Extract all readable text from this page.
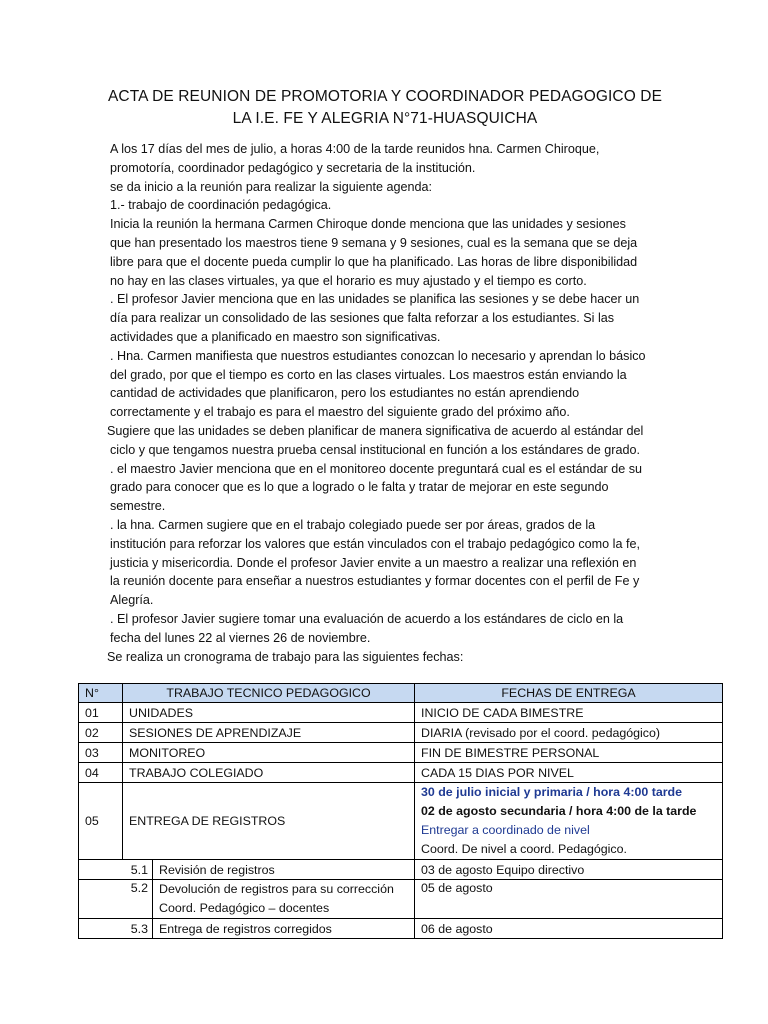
ACTA DE REUNION DE PROMOTORIA Y COORDINADOR PEDAGOGICO DE
LA I.E. FE Y ALEGRIA N°71-HUASQUICHA

A los 17 días del mes de julio, a horas 4:00 de la tarde reunidos hna. Carmen Chiroque,

promotoría, coordinador pedagógico y secretaria de la institución.

se da inicio a la reunión para realizar la siguiente agenda:

1.- trabajo de coordinación pedagógica.

Inicia la reunión la hermana Carmen Chiroque donde menciona que las unidades y sesiones

que han presentado los maestros tiene 9 semana y 9 sesiones, cual es la semana que se deja

libre para que el docente pueda cumplir lo que ha planificado. Las horas de libre disponibilidad

no hay en las clases virtuales, ya que el horario es muy ajustado y el tiempo es corto.

. El profesor Javier menciona que en las unidades se planifica las sesiones y se debe hacer un

día para realizar un consolidado de las sesiones que falta reforzar a los estudiantes. Si las

actividades que a planificado en maestro son significativas.

. Hna. Carmen manifiesta que nuestros estudiantes conozcan lo necesario y aprendan lo básico

del grado, por que el tiempo es corto en las clases virtuales. Los maestros están enviando la

cantidad de actividades que planificaron, pero los estudiantes no están aprendiendo

correctamente y el trabajo es para el maestro del siguiente grado del próximo año.

Sugiere que las unidades se deben planificar de manera significativa de acuerdo al estándar del

ciclo y que tengamos nuestra prueba censal institucional en función a los estándares de grado.

. el maestro Javier menciona que en el monitoreo docente preguntará cual es el estándar de su

grado para conocer que es lo que a logrado o le falta y tratar de mejorar en este segundo

semestre.

. la hna. Carmen sugiere que en el trabajo colegiado puede ser por áreas, grados de la

institución para reforzar los valores que están vinculados con el trabajo pedagógico como la fe,

justicia y misericordia. Donde el profesor Javier envite a un maestro a realizar una reflexión en

la reunión docente para enseñar a nuestros estudiantes y formar docentes con el perfil de Fe y

Alegría.

. El profesor Javier sugiere tomar una evaluación de acuerdo a los estándares de ciclo en la

fecha del lunes 22 al viernes 26 de noviembre.

Se realiza un cronograma de trabajo para las siguientes fechas:

N°	TRABAJO TECNICO PEDAGOGICO		FECHAS DE ENTREGA
01	UNIDADES		INICIO DE CADA BIMESTRE
02	SESIONES DE APRENDIZAJE		DIARIA (revisado por el coord. pedagógico)
03	MONITOREO		FIN DE BIMESTRE PERSONAL
04	TRABAJO COLEGIADO		CADA 15 DIAS POR NIVEL
05	ENTREGA DE REGISTROS		30 de julio inicial y primaria / hora 4:00 tarde
02 de agosto secundaria / hora 4:00 de la tarde
Entregar a coordinado de nivel
Coord. De nivel a coord. Pedagógico.

5.1		Revisión de registros	03 de agosto Equipo directivo
5.2		Devolución de registros para su corrección
Coord. Pedagógico – docentes	05 de agosto
5.3		Entrega de registros corregidos	06 de agosto
